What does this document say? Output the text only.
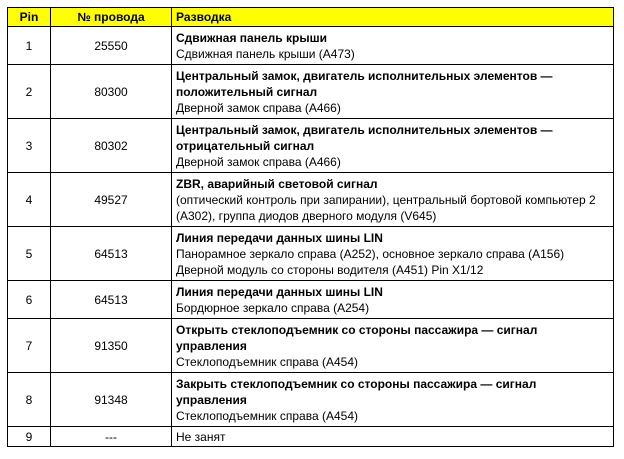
Pin	№ провода	Разводка
1	25550	Сдвижная панель крыши
Сдвижная панель крыши (A473)

2	80300	Центральный замок, двигатель исполнительных элементов — положительный сигнал
Дверной замок справа (A466)

3	80302	Центральный замок, двигатель исполнительных элементов — отрицательный сигнал
Дверной замок справа (A466)

4	49527	ZBR, аварийный световой сигнал
(оптический контроль при запирании), центральный бортовой компьютер 2 (A302), группа диодов дверного модуля (V645)

5	64513	Линия передачи данных шины LIN
Панорамное зеркало справа (A252), основное зеркало справа (A156) Дверной модуль со стороны водителя (A451) Pin X1/12

6	64513	Линия передачи данных шины LIN
Бордюрное зеркало справа (A254)

7	91350	Открыть стеклоподъемник со стороны пассажира — сигнал управления
Стеклоподъемник справа (A454)

8	91348	Закрыть стеклоподъемник со стороны пассажира — сигнал управления
Стеклоподъемник справа (A454)

9	---	Не занят
